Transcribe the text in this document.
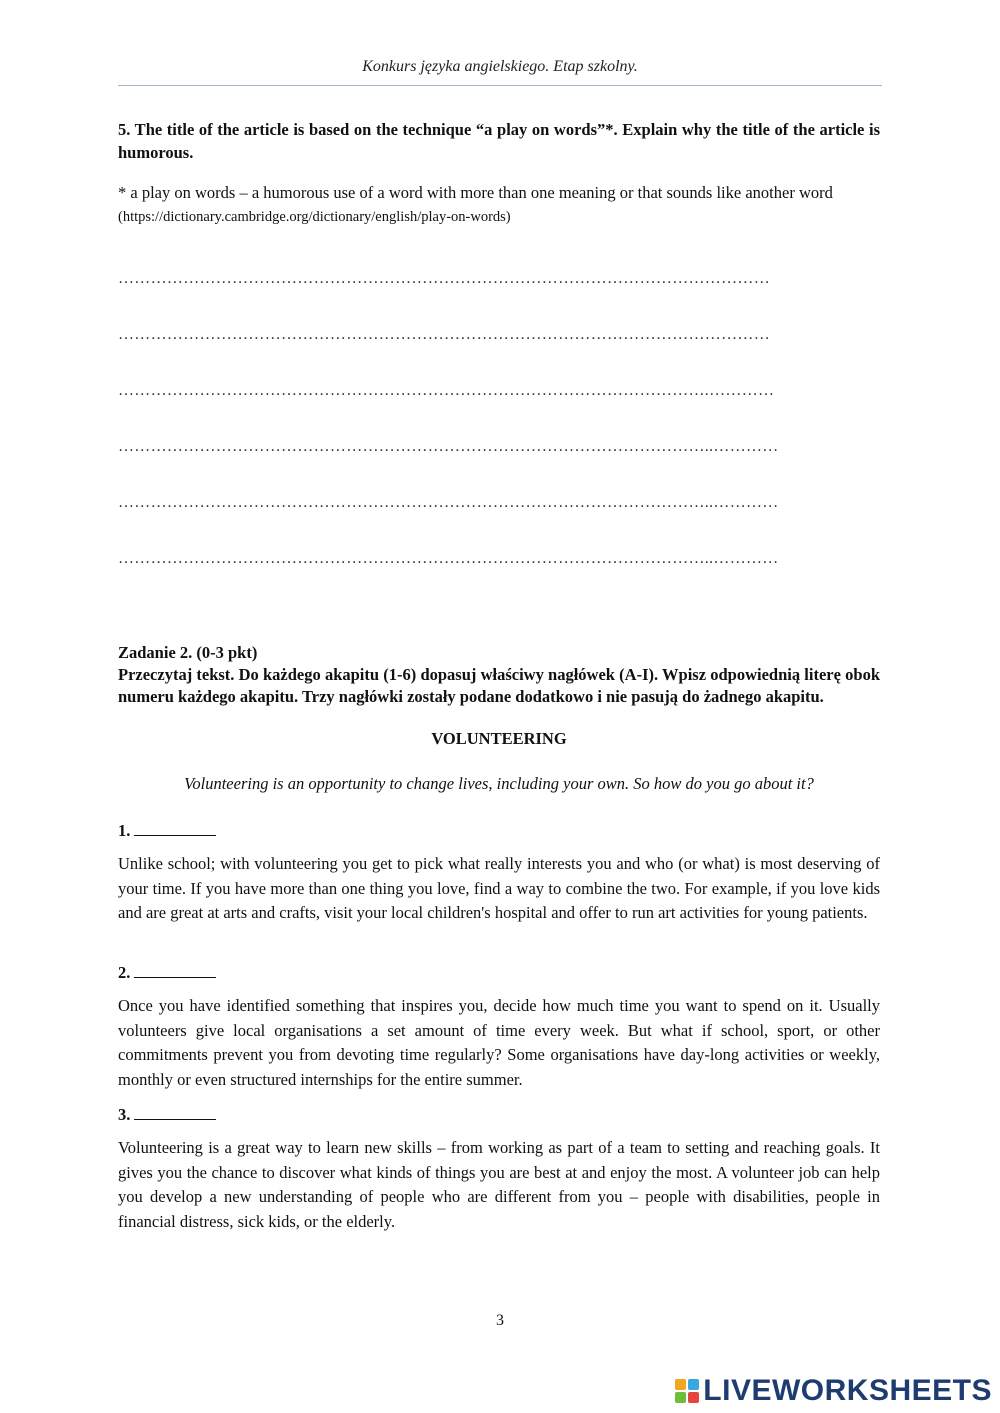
Konkurs języka angielskiego. Etap szkolny.
5. The title of the article is based on the technique “a play on words”*. Explain why the title of the article is humorous.
* a play on words – a humorous use of a word with more than one meaning or that sounds like another word (https://dictionary.cambridge.org/dictionary/english/play-on-words)
…………………………………………………………………………………………………………
…………………………………………………………………………………………………………
……………………………………………………………………………………………….…………
………………………………………………………………………………………………..…………
………………………………………………………………………………………………..…………
………………………………………………………………………………………………..…………
Zadanie 2. (0-3 pkt)
Przeczytaj tekst. Do każdego akapitu (1-6) dopasuj właściwy nagłówek (A-I). Wpisz odpowiednią literę obok numeru każdego akapitu. Trzy nagłówki zostały podane dodatkowo i nie pasują do żadnego akapitu.
VOLUNTEERING
Volunteering is an opportunity to change lives, including your own. So how do you go about it?
1.
Unlike school; with volunteering you get to pick what really interests you and who (or what) is most deserving of your time. If you have more than one thing you love, find a way to combine the two. For example, if you love kids and are great at arts and crafts, visit your local children's hospital and offer to run art activities for young patients.
2.
Once you have identified something that inspires you, decide how much time you want to spend on it. Usually volunteers give local organisations a set amount of time every week. But what if school, sport, or other commitments prevent you from devoting time regularly? Some organisations have day-long activities or weekly, monthly or even structured internships for the entire summer.
3.
Volunteering is a great way to learn new skills – from working as part of a team to setting and reaching goals. It gives you the chance to discover what kinds of things you are best at and enjoy the most. A volunteer job can help you develop a new understanding of people who are different from you – people with disabilities, people in financial distress, sick kids, or the elderly.
3
LIVEWORKSHEETS
